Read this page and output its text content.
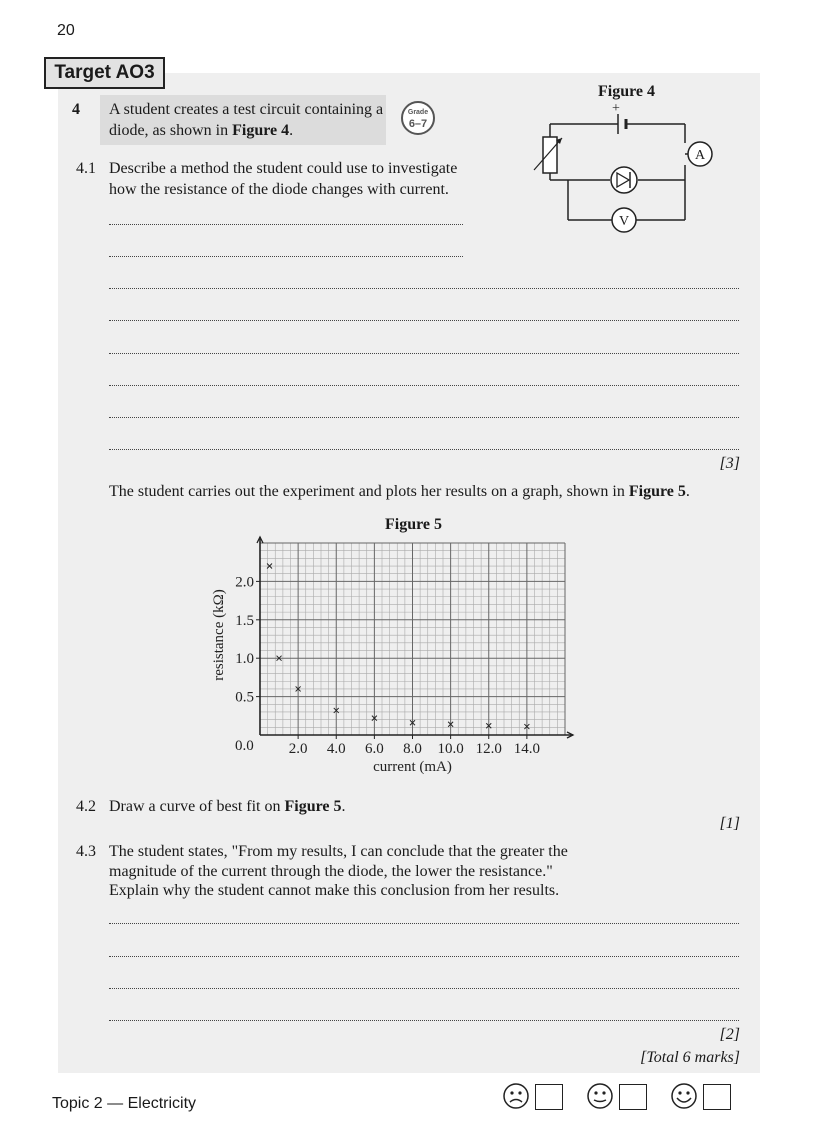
20
Target AO3
4 A student creates a test circuit containing a diode, as shown in Figure 4.
Grade
6–7
Figure 4
+
A
V
4.1 Describe a method the student could use to investigate how the resistance of the diode changes with current.
[3]
The student carries out the experiment and plots her results on a graph, shown in Figure 5.
Figure 5
2.0 4.0 6.0 8.0 10.0 12.0 14.0
0.5
1.0
1.5
2.0
0.0
current (mA)
resistance (kΩ)
4.2 Draw a curve of best fit on Figure 5.
[1]
4.3 The student states, "From my results, I can conclude that the greater the
magnitude of the current through the diode, the lower the resistance."
Explain why the student cannot make this conclusion from her results.
[2]
[Total 6 marks]
Topic 2 — Electricity
